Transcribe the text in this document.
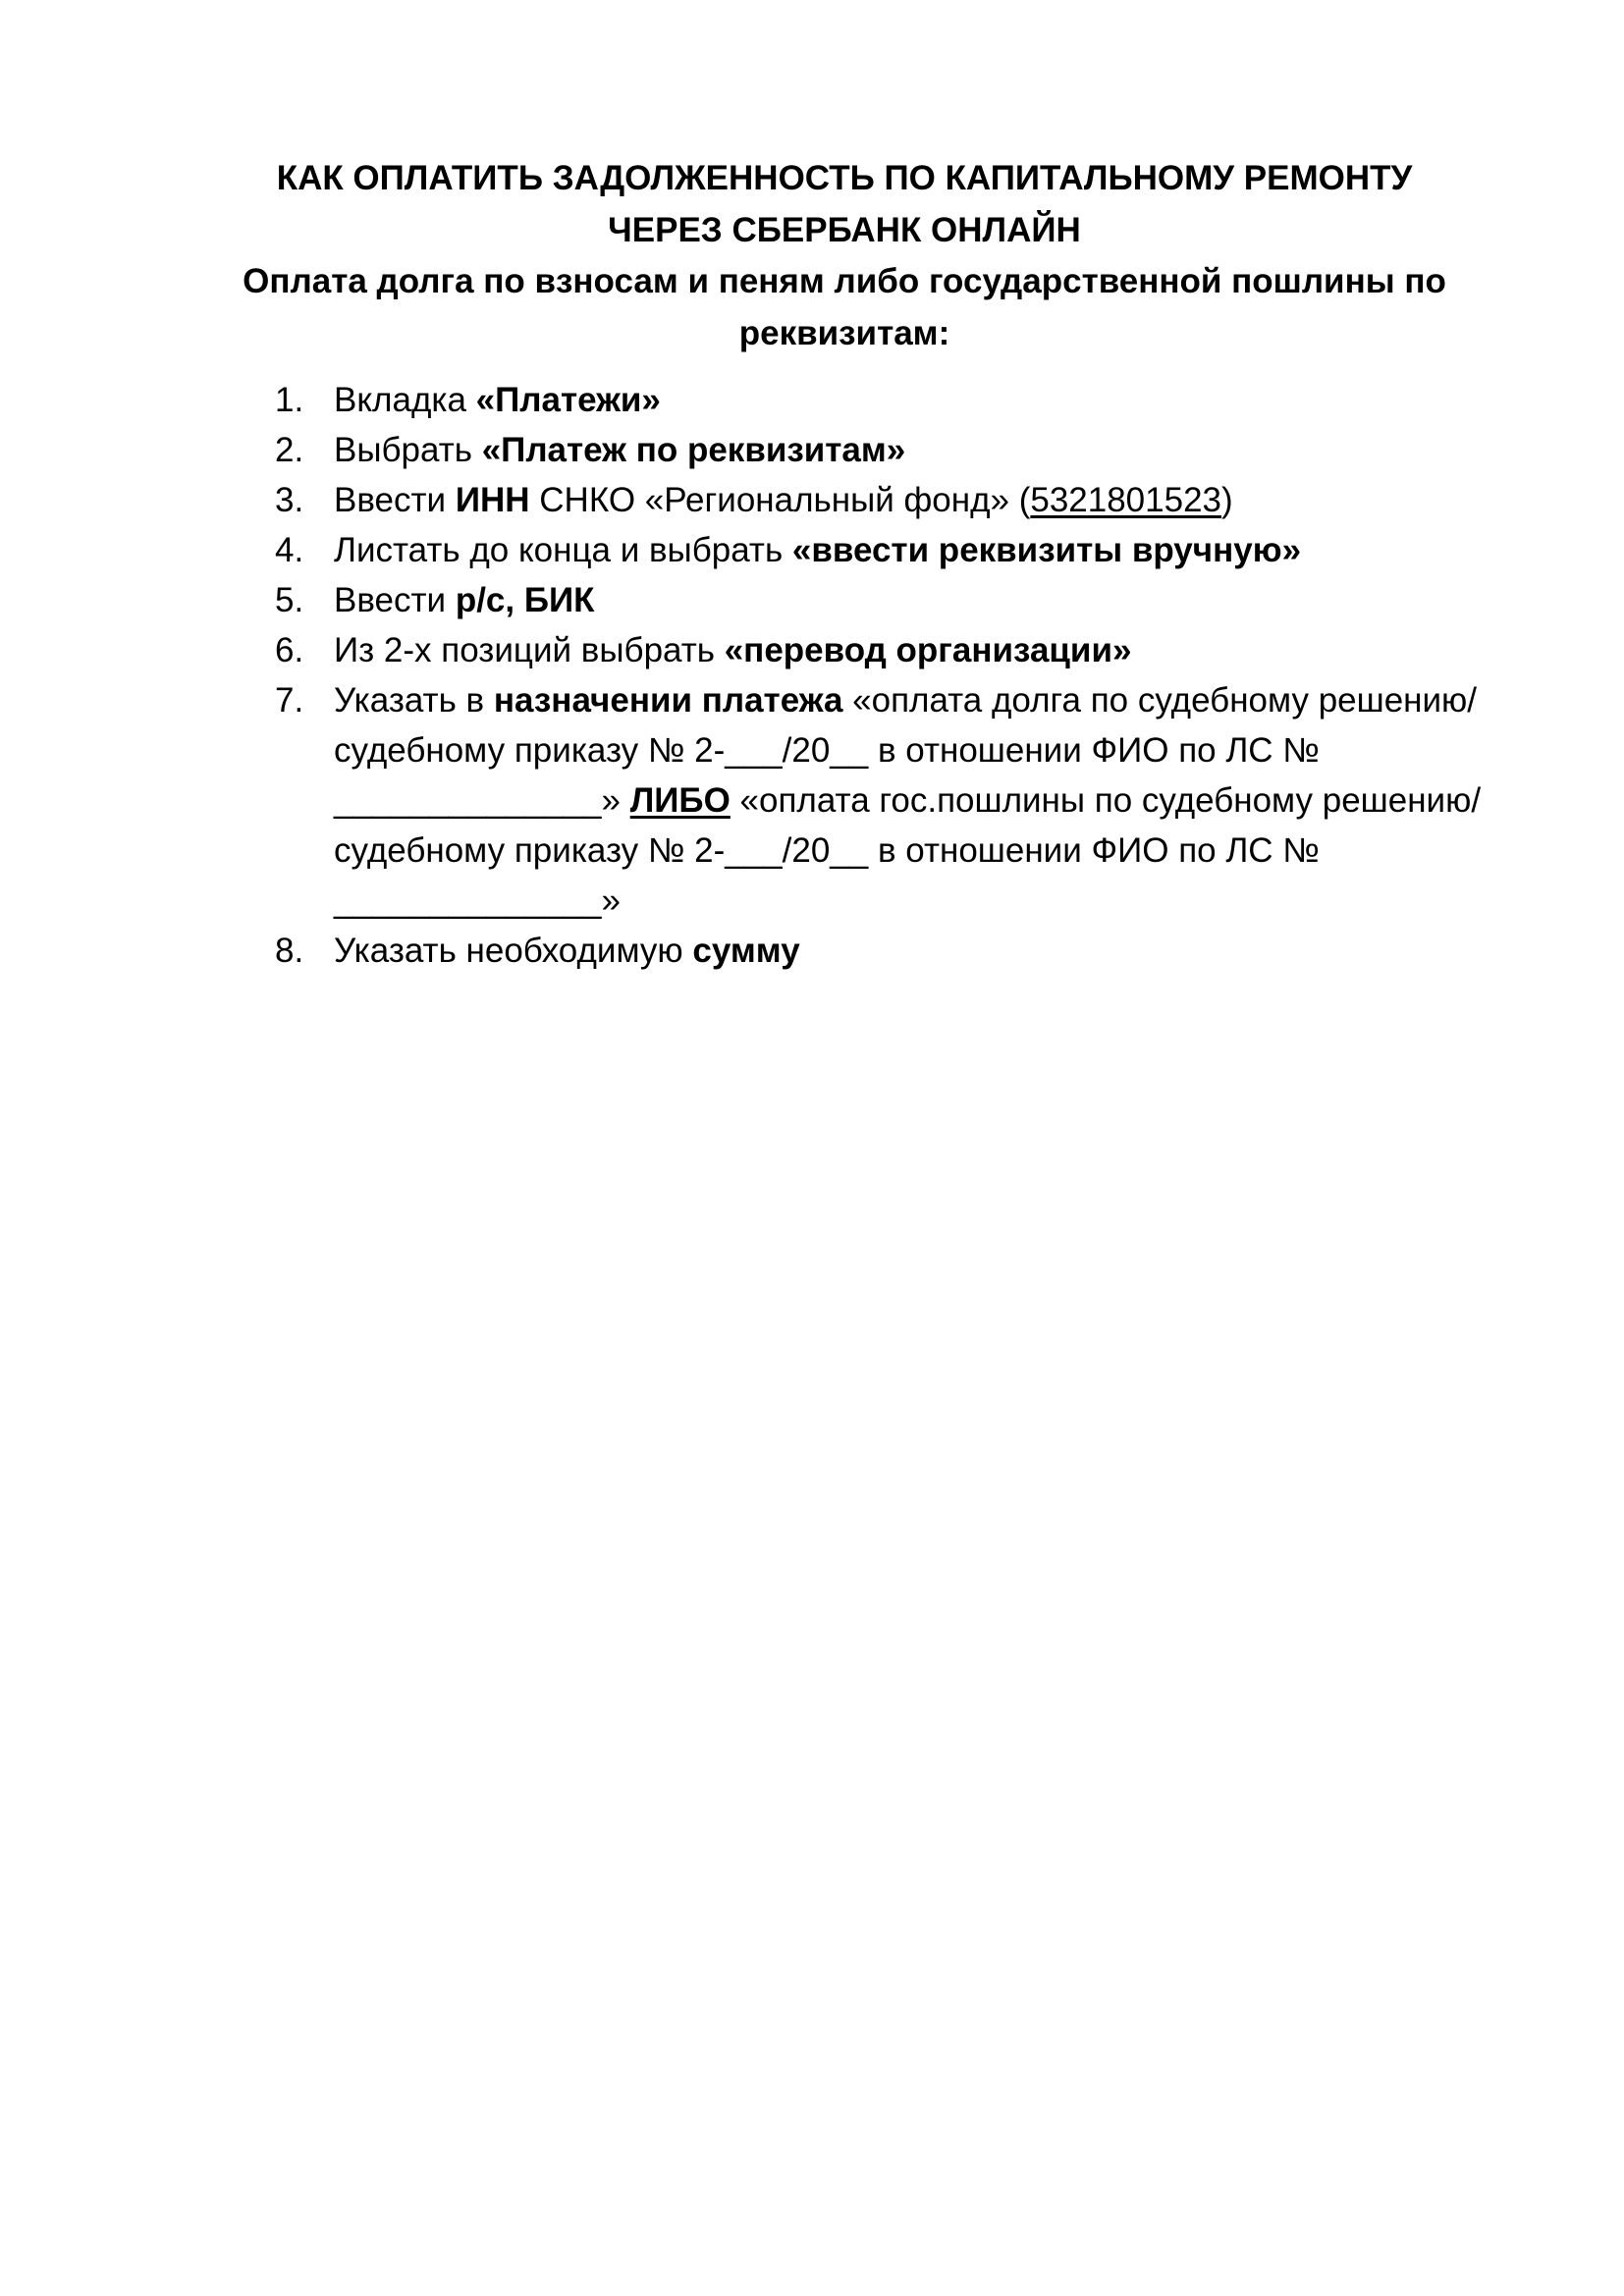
КАК ОПЛАТИТЬ ЗАДОЛЖЕННОСТЬ ПО КАПИТАЛЬНОМУ РЕМОНТУ ЧЕРЕЗ СБЕРБАНК ОНЛАЙН
Оплата долга по взносам и пеням либо государственной пошлины по реквизитам:
1. Вкладка «Платежи»
2. Выбрать «Платеж по реквизитам»
3. Ввести ИНН СНКО «Региональный фонд» (5321801523)
4. Листать до конца и выбрать «ввести реквизиты вручную»
5. Ввести р/с, БИК
6. Из 2-х позиций выбрать «перевод организации»
7. Указать в назначении платежа «оплата долга по судебному решению/судебному приказу № 2-___/20__ в отношении ФИО по ЛС № ______________» ЛИБО «оплата гос.пошлины по судебному решению/судебному приказу № 2-___/20__ в отношении ФИО по ЛС № ______________»
8. Указать необходимую сумму
